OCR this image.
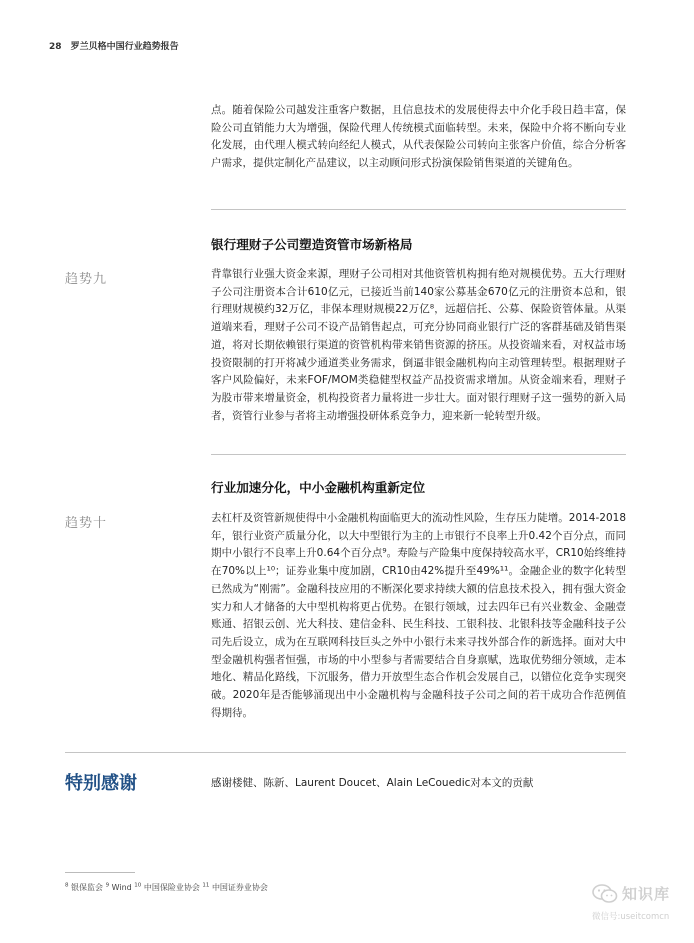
28 罗兰贝格中国行业趋势报告

点。随着保险公司越发注重客户数据，且信息技术的发展使得去中介化手段日趋丰富，保险公司直销能力大为增强，保险代理人传统模式面临转型。未来，保险中介将不断向专业化发展，由代理人模式转向经纪人模式，从代表保险公司转向主张客户价值，综合分析客户需求，提供定制化产品建议，以主动顾问形式扮演保险销售渠道的关键角色。

银行理财子公司塑造资管市场新格局
趋势九	背靠银行业强大资金来源，理财子公司相对其他资管机构拥有绝对规模优势。五大行理财子公司注册资本合计610亿元，已接近当前140家公募基金670亿元的注册资本总和，银行理财规模约32万亿，非保本理财规模22万亿⁸，远超信托、公募、保险资管体量。从渠道端来看，理财子公司不设产品销售起点，可充分协同商业银行广泛的客群基础及销售渠道，将对长期依赖银行渠道的资管机构带来销售资源的挤压。从投资端来看，对权益市场投资限制的打开将减少通道类业务需求，倒逼非银金融机构向主动管理转型。根据理财子客户风险偏好，未来FOF/MOM类稳健型权益产品投资需求增加。从资金端来看，理财子为股市带来增量资金，机构投资者力量将进一步壮大。面对银行理财子这一强势的新入局者，资管行业参与者将主动增强投研体系竞争力，迎来新一轮转型升级。

行业加速分化，中小金融机构重新定位
趋势十	去杠杆及资管新规使得中小金融机构面临更大的流动性风险，生存压力陡增。2014-2018年，银行业资产质量分化，以大中型银行为主的上市银行不良率上升0.42个百分点，而同期中小银行不良率上升0.64个百分点⁹。寿险与产险集中度保持较高水平，CR10始终维持在70%以上¹⁰；证券业集中度加剧，CR10由42%提升至49%¹¹。金融企业的数字化转型已然成为“刚需”。金融科技应用的不断深化要求持续大额的信息技术投入，拥有强大资金实力和人才储备的大中型机构将更占优势。在银行领域，过去四年已有兴业数金、金融壹账通、招银云创、光大科技、建信金科、民生科技、工银科技、北银科技等金融科技子公司先后设立，成为在互联网科技巨头之外中小银行未来寻找外部合作的新选择。面对大中型金融机构强者恒强，市场的中小型参与者需要结合自身禀赋，选取优势细分领域，走本地化、精品化路线，下沉服务，借力开放型生态合作机会发展自己，以错位化竞争实现突破。2020年是否能够涌现出中小金融机构与金融科技子公司之间的若干成功合作范例值得期待。

特别感谢	感谢楼健、陈新、Laurent Doucet、Alain LeCouedic对本文的贡献
$^8$ 银保监会 $^9$ Wind $^{10}$ 中国保险业协会 $^{11}$ 中国证券业协会	知识库
微信号:useitcomcn
